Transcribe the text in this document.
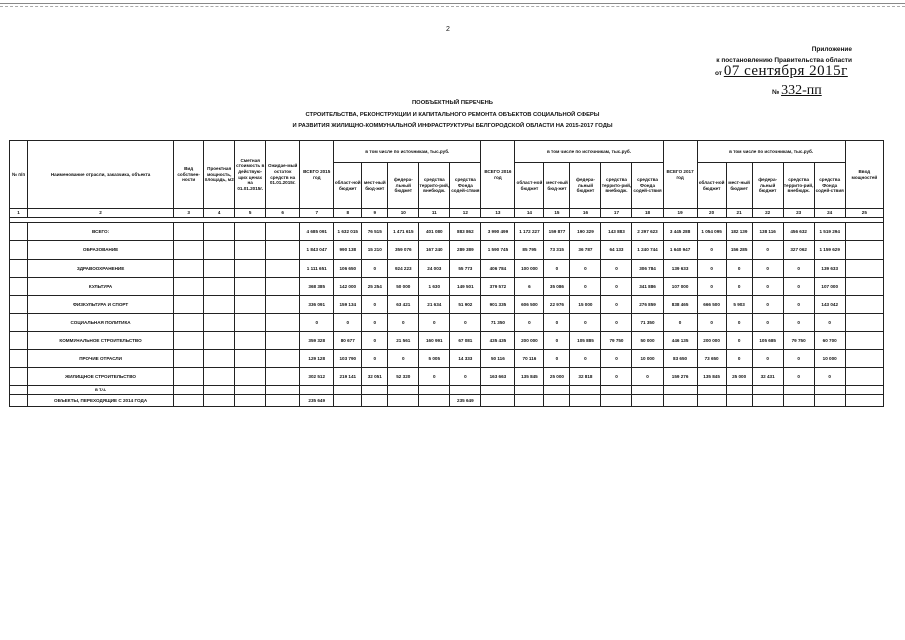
2
Приложение
к постановлению Правительства области
от 07 сентября 2015г
№ 332-пп
ПООБЪЕКТНЫЙ ПЕРЕЧЕНЬ
СТРОИТЕЛЬСТВА, РЕКОНСТРУКЦИИ И КАПИТАЛЬНОГО РЕМОНТА ОБЪЕКТОВ СОЦИАЛЬНОЙ СФЕРЫ
И РАЗВИТИЯ ЖИЛИЩНО-КОММУНАЛЬНОЙ ИНФРАСТРУКТУРЫ БЕЛГОРОДСКОЙ ОБЛАСТИ НА 2015-2017 ГОДЫ
№ п/п	Наименование отрасли, заказчика, объекта	Вид собствен-ности	Проектная мощность, площадь, м2	Сметная стоимость в действую-щих ценах на 01.01.2015г.	Ожидае-мый остаток средств на 01.01.2015г.	ВСЕГО 2015 год	в том числе по источникам, тыс.руб.					ВСЕГО 2016 год	в том числе по источникам, тыс.руб.					ВСЕГО 2017 год	в том числе по источникам, тыс.руб.					Ввод мощностей
							област-ной бюджет	мест-ный бюд-жет	федера-льный бюджет	средства террито-рий, внебюдж.	средства Фонда содей-ствия		област-ной бюджет	мест-ный бюд-жет	федера-льный бюджет	средства террито-рий, внебюдж.	средства Фонда содей-ствия		област-ной бюджет	мест-ный бюджет	федера-льный бюджет	средства террито-рий, внебюдж.	средства Фонда содей-ствия	
1	2	3	4	5	6	7	8	9	10	11	12	13	14	15	16	17	18	19	20	21	22	23	24	25

	ВСЕГО:					4 685 091	1 632 015	76 515	1 471 615	401 080	883 862	3 990 499	1 172 227	159 877	190 329	143 883	2 297 623	3 445 288	1 054 095	182 139	138 116	456 632	1 519 294	
	ОБРАЗОВАНИЕ					1 843 047	990 138	15 210	359 076	167 240	289 389	1 590 745	85 795	73 315	36 787	64 133	1 240 744	1 640 947	0	156 285	0	327 062	1 159 629	
	ЗДРАВООХРАНЕНИЕ					1 111 651	106 650	0	924 223	24 003	55 773	406 784	100 000	0	0	0	306 784	139 633	0	0	0	0	139 633	
	КУЛЬТУРА					368 385	142 000	25 254	50 000	1 630	149 501	379 572	6	35 086	0	0	341 886	107 000	0	0	0	0	107 000	
	ФИЗКУЛЬТУРА И СПОРТ					336 091	159 134	0	63 421	21 634	51 902	901 335	606 500	22 976	15 000	0	276 859	838 465	666 500	5 903	0	0	143 042	
	СОЦИАЛЬНАЯ ПОЛИТИКА					0	0	0	0	0	0	71 350	0	0	0	0	71 350	0	0	0	0	0	0	
	КОММУНАЛЬНОЕ СТРОИТЕЛЬСТВО					359 328	80 677	0	21 561	160 991	67 081	435 435	200 000	0	105 885	79 750	50 000	446 135	200 000	0	105 685	79 750	60 700	
	ПРОЧИЕ ОТРАСЛИ					129 128	103 790	0	0	5 005	14 333	50 116	70 116	0	0	0	10 000	83 650	73 650	0	0	0	10 000	
	ЖИЛИЩНОЕ СТРОИТЕЛЬСТВО					302 512	219 141	32 051	52 320	0	0	163 663	135 845	25 000	32 818	0	0	159 276	135 845	25 000	32 431	0	0	
	в т.ч.																							
	ОБЪЕКТЫ, ПЕРЕХОДЯЩИЕ С 2014 ГОДА					235 649					235 649													
